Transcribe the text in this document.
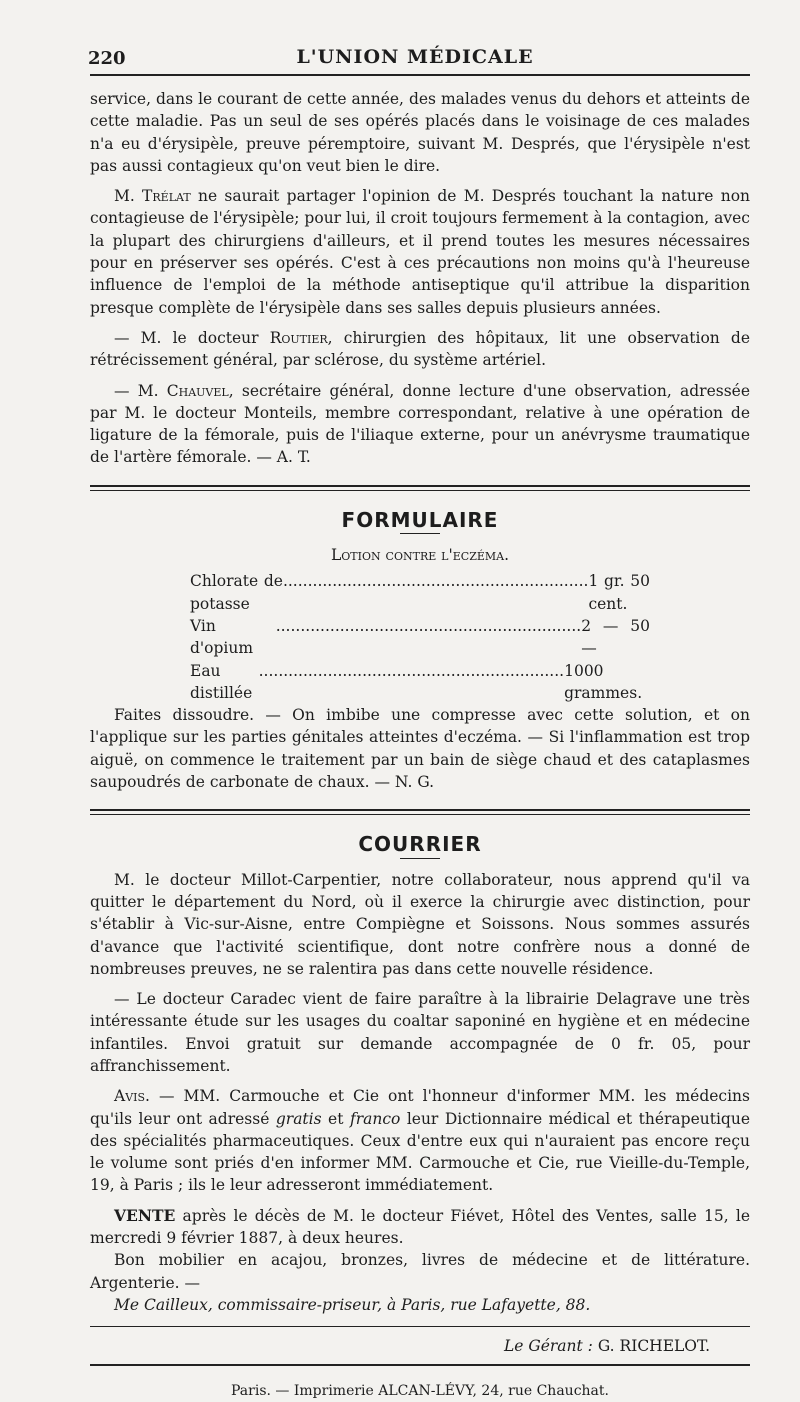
220	L'UNION MÉDICALE

service, dans le courant de cette année, des malades venus du dehors et atteints de cette maladie. Pas un seul de ses opérés placés dans le voisinage de ces malades n'a eu d'érysipèle, preuve péremptoire, suivant M. Després, que l'érysipèle n'est pas aussi contagieux qu'on veut bien le dire.

M. Trélat ne saurait partager l'opinion de M. Després touchant la nature non contagieuse de l'érysipèle; pour lui, il croit toujours fermement à la contagion, avec la plupart des chirurgiens d'ailleurs, et il prend toutes les mesures nécessaires pour en préserver ses opérés. C'est à ces précautions non moins qu'à l'heureuse influence de l'emploi de la méthode antiseptique qu'il attribue la disparition presque complète de l'érysipèle dans ses salles depuis plusieurs années.

— M. le docteur Routier, chirurgien des hôpitaux, lit une observation de rétrécissement général, par sclérose, du système artériel.

— M. Chauvel, secrétaire général, donne lecture d'une observation, adressée par M. le docteur Monteils, membre correspondant, relative à une opération de ligature de la fémorale, puis de l'iliaque externe, pour un anévrysme traumatique de l'artère fémorale. — A. T.

FORMULAIRE
Lotion contre l'eczéma.
Chlorate de potasse
.............................................................. 1 gr. 50 cent.
Vin d'opium
.............................................................. 2 — 50 —
Eau distillée
.............................................................. 1000 grammes.

Faites dissoudre. — On imbibe une compresse avec cette solution, et on l'applique sur les parties génitales atteintes d'eczéma. — Si l'inflammation est trop aiguë, on commence le traitement par un bain de siège chaud et des cataplasmes saupoudrés de carbonate de chaux. — N. G.

COURRIER

M. le docteur Millot-Carpentier, notre collaborateur, nous apprend qu'il va quitter le département du Nord, où il exerce la chirurgie avec distinction, pour s'établir à Vic-sur-Aisne, entre Compiègne et Soissons. Nous sommes assurés d'avance que l'activité scientifique, dont notre confrère nous a donné de nombreuses preuves, ne se ralentira pas dans cette nouvelle résidence.

— Le docteur Caradec vient de faire paraître à la librairie Delagrave une très intéressante étude sur les usages du coaltar saponiné en hygiène et en médecine infantiles. Envoi gratuit sur demande accompagnée de 0 fr. 05, pour affranchissement.

Avis. — MM. Carmouche et Cie ont l'honneur d'informer MM. les médecins qu'ils leur ont adressé gratis et franco leur Dictionnaire médical et thérapeutique des spécialités pharmaceutiques. Ceux d'entre eux qui n'auraient pas encore reçu le volume sont priés d'en informer MM. Carmouche et Cie, rue Vieille-du-Temple, 19, à Paris ; ils le leur adresseront immédiatement.

VENTE après le décès de M. le docteur Fiévet, Hôtel des Ventes, salle 15, le mercredi 9 février 1887, à deux heures.

Bon mobilier en acajou, bronzes, livres de médecine et de littérature. Argenterie. —

Me Cailleux, commissaire-priseur, à Paris, rue Lafayette, 88.

Le Gérant : G. RICHELOT.
Paris. — Imprimerie ALCAN-LÉVY, 24, rue Chauchat.
